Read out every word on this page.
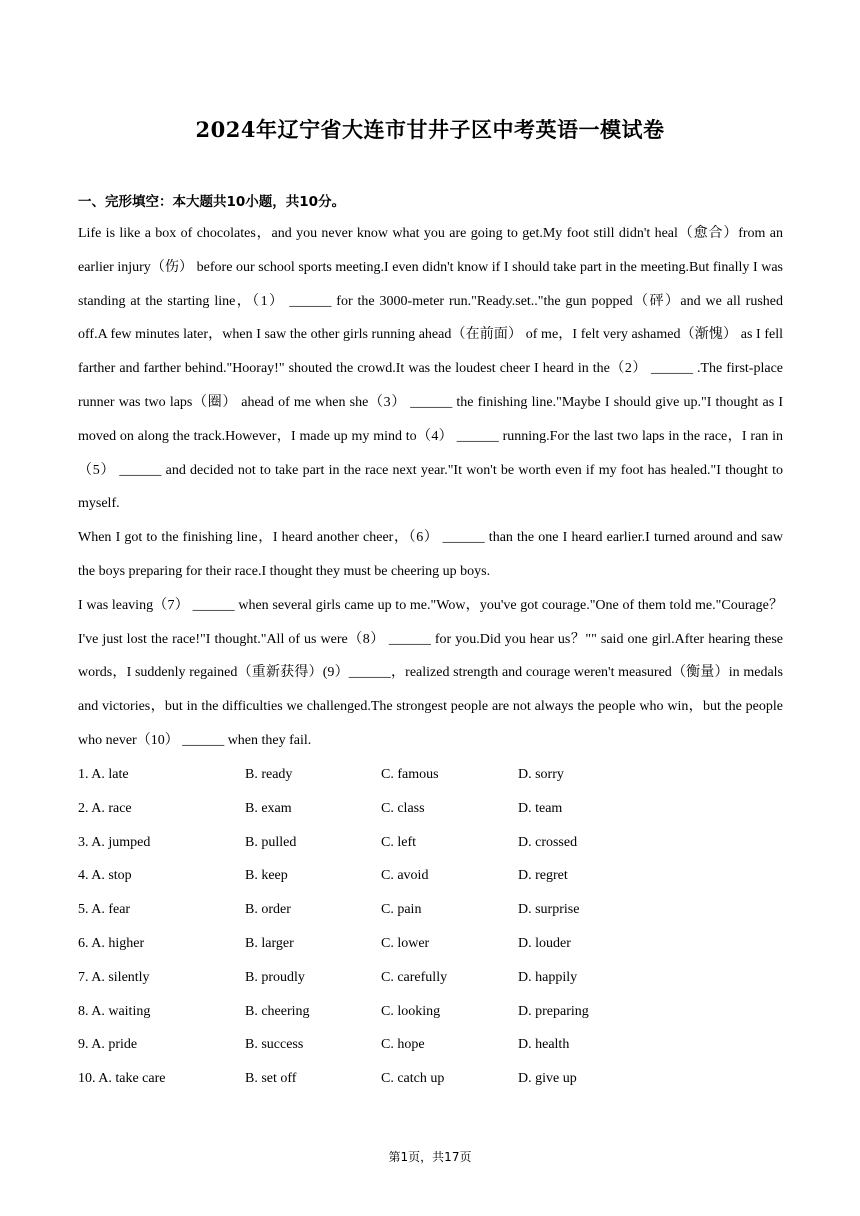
2024年辽宁省大连市甘井子区中考英语一模试卷
一、完形填空：本大题共10小题，共10分。

Life is like a box of chocolates，and you never know what you are going to get.My foot still didn't heal（愈合）from an earlier injury（伤） before our school sports meeting.I even didn't know if I should take part in the meeting.But finally I was standing at the starting line，（1） ______ for the 3000-meter run."Ready.set.."the gun popped（砰）and we all rushed off.A few minutes later，when I saw the other girls running ahead（在前面） of me，I felt very ashamed（渐愧） as I fell farther and farther behind."Hooray!" shouted the crowd.It was the loudest cheer I heard in the（2） ______ .The first-place runner was two laps（圈） ahead of me when she（3） ______ the finishing line."Maybe I should give up."I thought as I moved on along the track.However，I made up my mind to（4） ______ running.For the last two laps in the race，I ran in（5） ______ and decided not to take part in the race next year."It won't be worth even if my foot has healed."I thought to myself.

When I got to the finishing line，I heard another cheer，（6） ______ than the one I heard earlier.I turned around and saw the boys preparing for their race.I thought they must be cheering up boys.

I was leaving（7） ______ when several girls came up to me."Wow，you've got courage."One of them told me."Courage？I've just lost the race!"I thought."All of us were（8） ______ for you.Did you hear us？"" said one girl.After hearing these words，I suddenly regained（重新获得）(9）______，realized strength and courage weren't measured（衡量）in medals and victories，but in the difficulties we challenged.The strongest people are not always the people who win，but the people who never（10） ______ when they fail.

1. A. late	B. ready	C. famous	D. sorry
2. A. race	B. exam	C. class	D. team
3. A. jumped	B. pulled	C. left	D. crossed
4. A. stop	B. keep	C. avoid	D. regret
5. A. fear	B. order	C. pain	D. surprise
6. A. higher	B. larger	C. lower	D. louder
7. A. silently	B. proudly	C. carefully	D. happily
8. A. waiting	B. cheering	C. looking	D. preparing
9. A. pride	B. success	C. hope	D. health
10. A. take care	B. set off	C. catch up	D. give up
第1页，共17页
